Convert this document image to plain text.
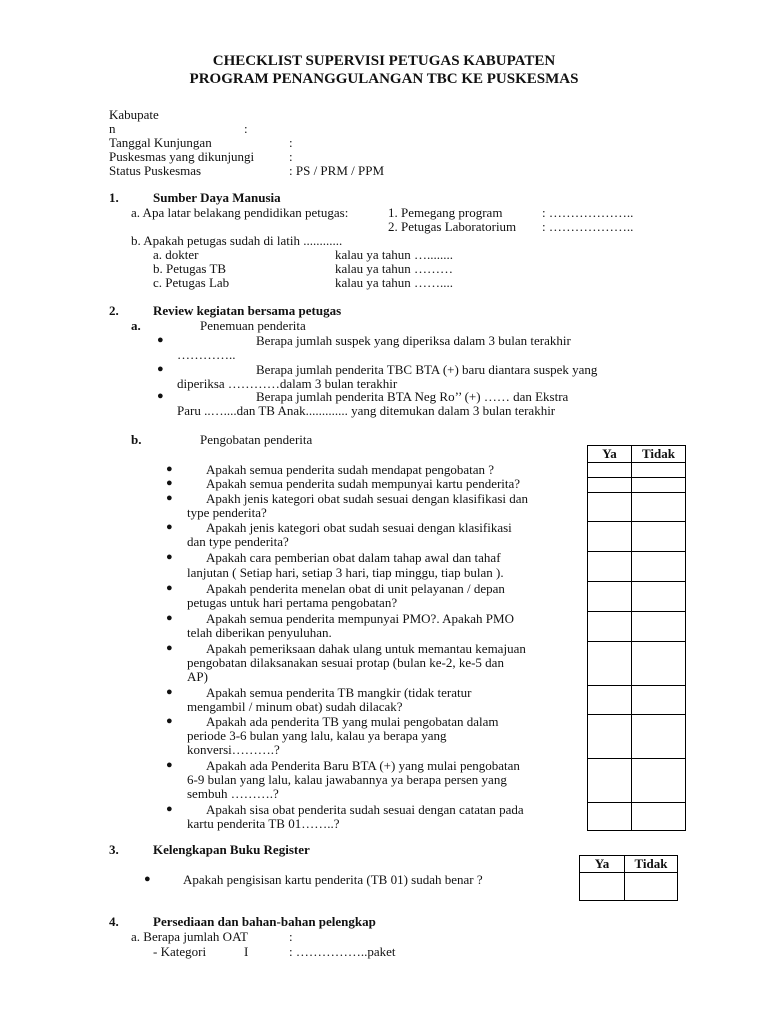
CHECKLIST SUPERVISI PETUGAS KABUPATEN
PROGRAM PENANGGULANGAN TBC KE PUSKESMAS
Kabupate
n	:
Tanggal Kunjungan	:
Puskesmas yang dikunjungi	:
Status Puskesmas	: PS / PRM / PPM
1.	Sumber Daya Manusia
a. Apa latar belakang pendidikan petugas:	1. Pemegang program	: ………………..
2. Petugas Laboratorium : ………………..
b. Apakah petugas sudah di latih ............
a. dokter	kalau ya tahun …........
b. Petugas TB	kalau ya tahun ………
c. Petugas Lab	kalau ya tahun ……....
2.	Review kegiatan bersama petugas
a.	Penemuan penderita
●	Berapa jumlah suspek yang diperiksa dalam 3 bulan terakhir
…………..
●	Berapa jumlah penderita TBC BTA (+) baru diantara suspek yang
diperiksa …………dalam 3 bulan terakhir
●	Berapa jumlah penderita BTA Neg Ro’’ (+) …… dan Ekstra
Paru ..…....dan TB Anak............. yang ditemukan dalam 3 bulan terakhir
b.	Pengobatan penderita
●	Apakah semua penderita sudah mendapat pengobatan ?
●	Apakah semua penderita sudah mempunyai kartu penderita?
●	Apakh jenis kategori obat sudah sesuai dengan klasifikasi dan
type penderita?
●	Apakah jenis kategori obat sudah sesuai dengan klasifikasi
dan type penderita?
●	Apakah cara pemberian obat dalam tahap awal dan tahaf
lanjutan ( Setiap hari, setiap 3 hari, tiap minggu, tiap bulan ).
●	Apakah penderita menelan obat di unit pelayanan / depan
petugas untuk hari pertama pengobatan?
●	Apakah semua penderita mempunyai PMO?. Apakah PMO
telah diberikan penyuluhan.
●	Apakah pemeriksaan dahak ulang untuk memantau kemajuan
pengobatan dilaksanakan sesuai protap (bulan ke-2, ke-5 dan
AP)
●	Apakah semua penderita TB mangkir (tidak teratur
mengambil / minum obat) sudah dilacak?
●	Apakah ada penderita TB yang mulai pengobatan dalam
periode 3-6 bulan yang lalu, kalau ya berapa yang
konversi……….?
●	Apakah ada Penderita Baru BTA (+) yang mulai pengobatan
6-9 bulan yang lalu, kalau jawabannya ya berapa persen yang
sembuh ……….?
●	Apakah sisa obat penderita sudah sesuai dengan catatan pada
kartu penderita TB 01……..?
Ya	Tidak

3.	Kelengkapan Buku Register
● Apakah pengisisan kartu penderita (TB 01) sudah benar ?
Ya	Tidak

4.	Persediaan dan bahan-bahan pelengkap
a. Berapa jumlah OAT	:
- Kategori	I	: ……………..paket
